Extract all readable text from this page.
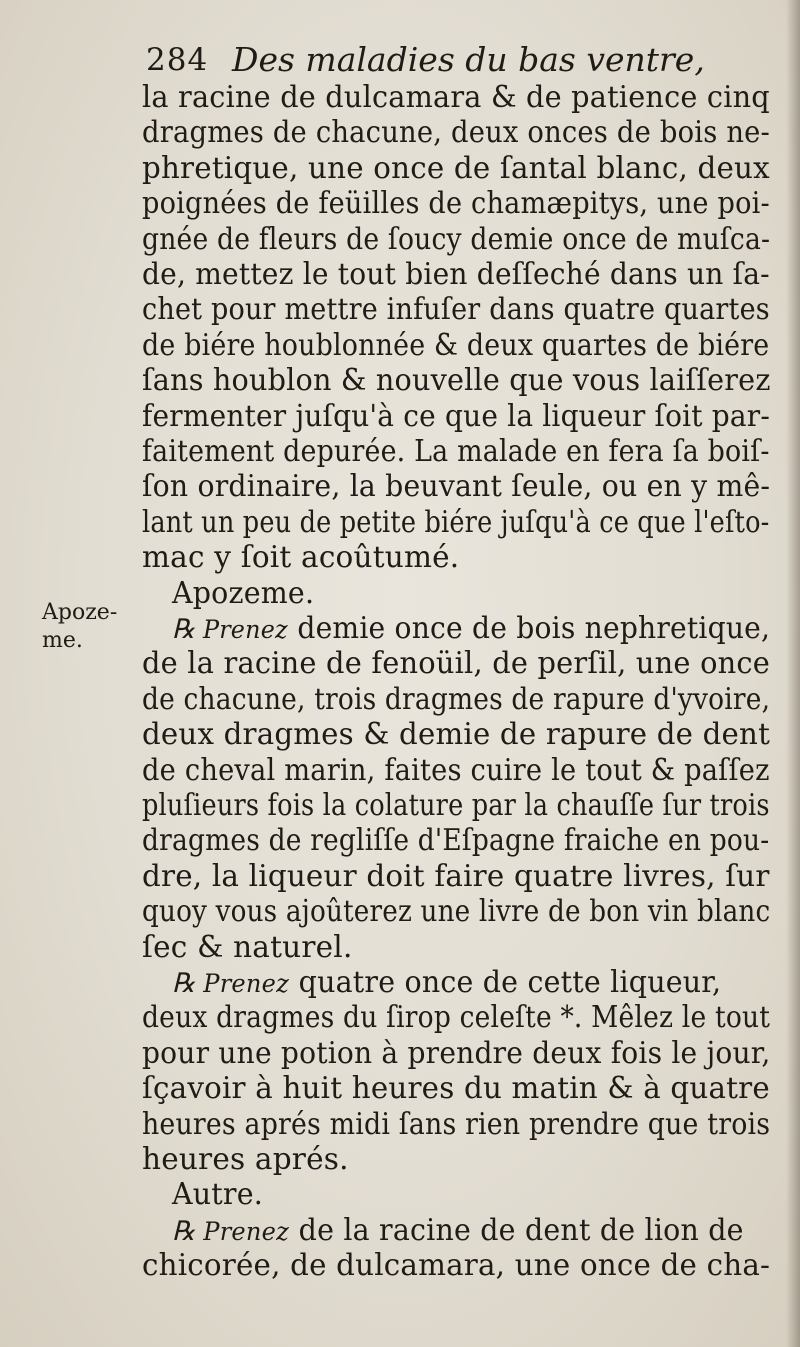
284 Des maladies du bas ventre,
Apoze-
me.
la racine de dulcamara & de patience cinq
dragmes de chacune, deux onces de bois ne-
phretique, une once de ſantal blanc, deux
poignées de feüilles de chamæpitys, une poi-
gnée de fleurs de ſoucy demie once de muſca-
de, mettez le tout bien deſſeché dans un ſa-
chet pour mettre infuſer dans quatre quartes
de biére houblonnée & deux quartes de biére
ſans houblon & nouvelle que vous laiſſerez
fermenter juſqu'à ce que la liqueur ſoit par-
faitement depurée. La malade en fera ſa boiſ-
ſon ordinaire, la beuvant ſeule, ou en y mê-
lant un peu de petite biére juſqu'à ce que l'eſto-
mac y ſoit acoûtumé.
Apozeme.
℞ Prenez demie once de bois nephretique,
de la racine de fenoüil, de perſil, une once
de chacune, trois dragmes de rapure d'yvoire,
deux dragmes & demie de rapure de dent
de cheval marin, faites cuire le tout & paſſez
pluſieurs fois la colature par la chauſſe ſur trois
dragmes de regliſſe d'Eſpagne fraiche en pou-
dre, la liqueur doit faire quatre livres, ſur
quoy vous ajoûterez une livre de bon vin blanc
ſec & naturel.
℞ Prenez quatre once de cette liqueur,
deux dragmes du ſirop celeſte *. Mêlez le tout
pour une potion à prendre deux fois le jour,
ſçavoir à huit heures du matin & à quatre
heures aprés midi ſans rien prendre que trois
heures aprés.
Autre.
℞ Prenez de la racine de dent de lion de
chicorée, de dulcamara, une once de cha-
